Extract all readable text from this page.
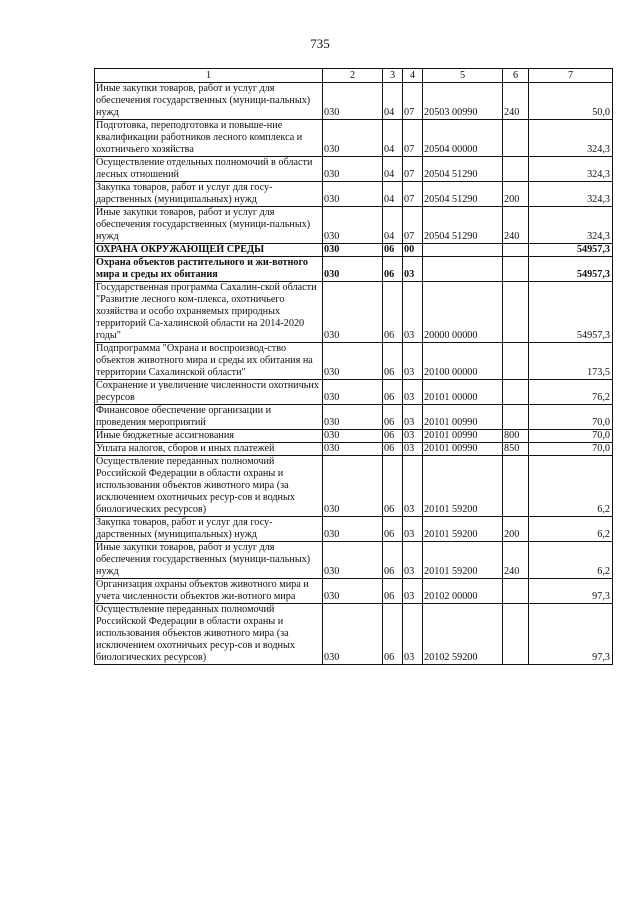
735
1	2	3	4	5	6	7
Иные закупки товаров, работ и услуг для обеспечения государственных (муници-пальных) нужд	030	04	07	20503 00990	240	50,0
Подготовка, переподготовка и повыше-ние квалификации работников лесного комплекса и охотничьего хозяйства	030	04	07	20504 00000		324,3
Осуществление отдельных полномочий в области лесных отношений	030	04	07	20504 51290		324,3
Закупка товаров, работ и услуг для госу-дарственных (муниципальных) нужд	030	04	07	20504 51290	200	324,3
Иные закупки товаров, работ и услуг для обеспечения государственных (муници-пальных) нужд	030	04	07	20504 51290	240	324,3
ОХРАНА ОКРУЖАЮЩЕЙ СРЕДЫ	030	06	00			54957,3
Охрана объектов растительного и жи-вотного мира и среды их обитания	030	06	03			54957,3
Государственная программа Сахалин-ской области "Развитие лесного ком-плекса, охотничьего хозяйства и особо охраняемых природных территорий Са-халинской области на 2014-2020 годы"	030	06	03	20000 00000		54957,3
Подпрограмма "Охрана и воспроизвод-ство объектов животного мира и среды их обитания на территории Сахалинской области"	030	06	03	20100 00000		173,5
Сохранение и увеличение численности охотничьих ресурсов	030	06	03	20101 00000		76,2
Финансовое обеспечение организации и проведения мероприятий	030	06	03	20101 00990		70,0
Иные бюджетные ассигнования	030	06	03	20101 00990	800	70,0
Уплата налогов, сборов и иных платежей	030	06	03	20101 00990	850	70,0
Осуществление переданных полномочий Российской Федерации в области охраны и использования объектов животного мира (за исключением охотничьих ресур-сов и водных биологических ресурсов)	030	06	03	20101 59200		6,2
Закупка товаров, работ и услуг для госу-дарственных (муниципальных) нужд	030	06	03	20101 59200	200	6,2
Иные закупки товаров, работ и услуг для обеспечения государственных (муници-пальных) нужд	030	06	03	20101 59200	240	6,2
Организация охраны объектов животного мира и учета численности объектов жи-вотного мира	030	06	03	20102 00000		97,3
Осуществление переданных полномочий Российской Федерации в области охраны и использования объектов животного мира (за исключением охотничьих ресур-сов и водных биологических ресурсов)	030	06	03	20102 59200		97,3
